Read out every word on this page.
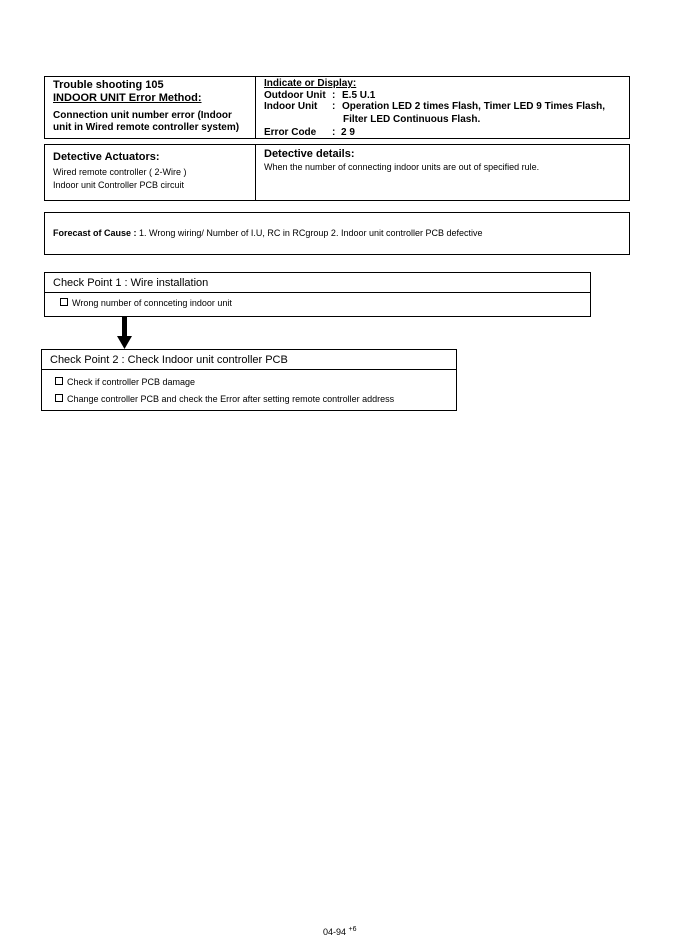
Trouble shooting 105
INDOOR UNIT Error Method:
Connection unit number error (Indoor
unit in Wired remote controller system)
Indicate or Display:
Outdoor Unit : E.5 U.1
Indoor Unit : Operation LED 2 times Flash, Timer LED 9 Times Flash,
Filter LED Continuous Flash.
Error Code : 2 9
Detective Actuators:
Wired remote controller ( 2-Wire )
Indoor unit Controller PCB circuit
Detective details:
When the number of connecting indoor units are out of specified rule.
Forecast of Cause : 1. Wrong wiring/ Number of I.U, RC in RCgroup 2. Indoor unit controller PCB defective
Check Point 1 : Wire installation
Wrong number of connceting indoor unit
Check Point 2 : Check Indoor unit controller PCB
Check if controller PCB damage
Change controller PCB and check the Error after setting remote controller address
04-94 $^{+6}$
